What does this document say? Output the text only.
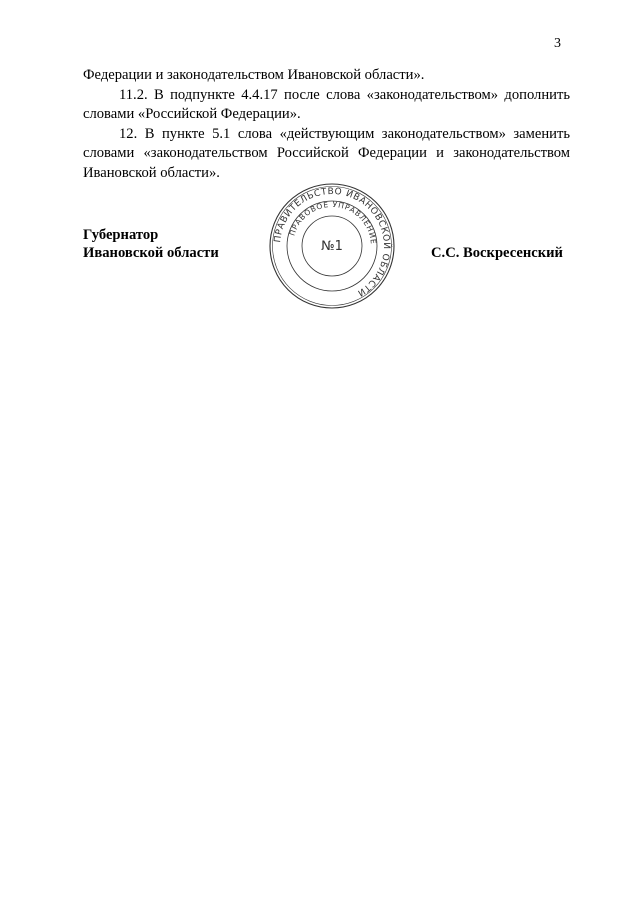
3

Федерации и законодательством Ивановской области».

11.2. В подпункте 4.4.17 после слова «законодательством» дополнить словами «Российской Федерации».

12. В пункте 5.1 слова «действующим законодательством» заменить словами «законодательством Российской Федерации и законодательством Ивановской области».

Губернатор
Ивановской области	С.С. Воскресенский
ПРАВИТЕЛЬСТВО ИВАНОВСКОЙ ОБЛАСТИ
ПРАВОВОЕ УПРАВЛЕНИЕ
№1
